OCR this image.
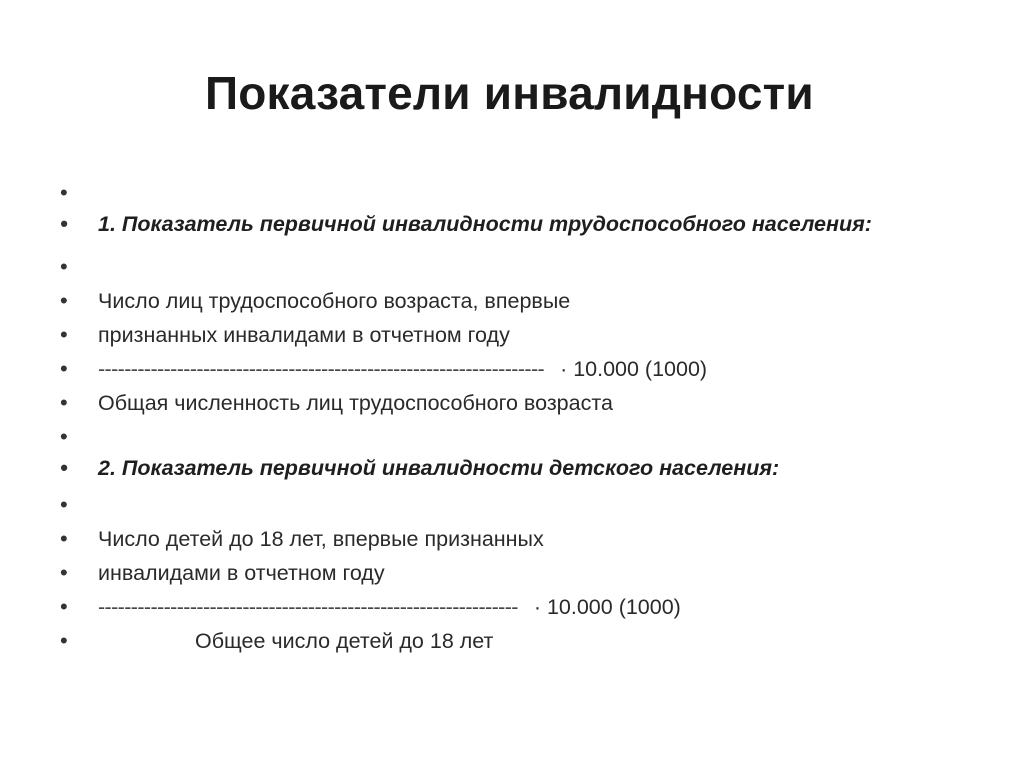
Показатели инвалидности
•
• 1. Показатель первичной инвалидности трудоспособного населения:
•
• Число лиц трудоспособного возраста, впервые
• признанных инвалидами в отчетном году
• -------------------------------------------------------------------- · 10.000 (1000)
• Общая численность лиц трудоспособного возраста
•
• 2. Показатель первичной инвалидности детского населения:
•
• Число детей до 18 лет, впервые признанных
• инвалидами в отчетном году
• ---------------------------------------------------------------- · 10.000 (1000)
• Общее число детей до 18 лет
